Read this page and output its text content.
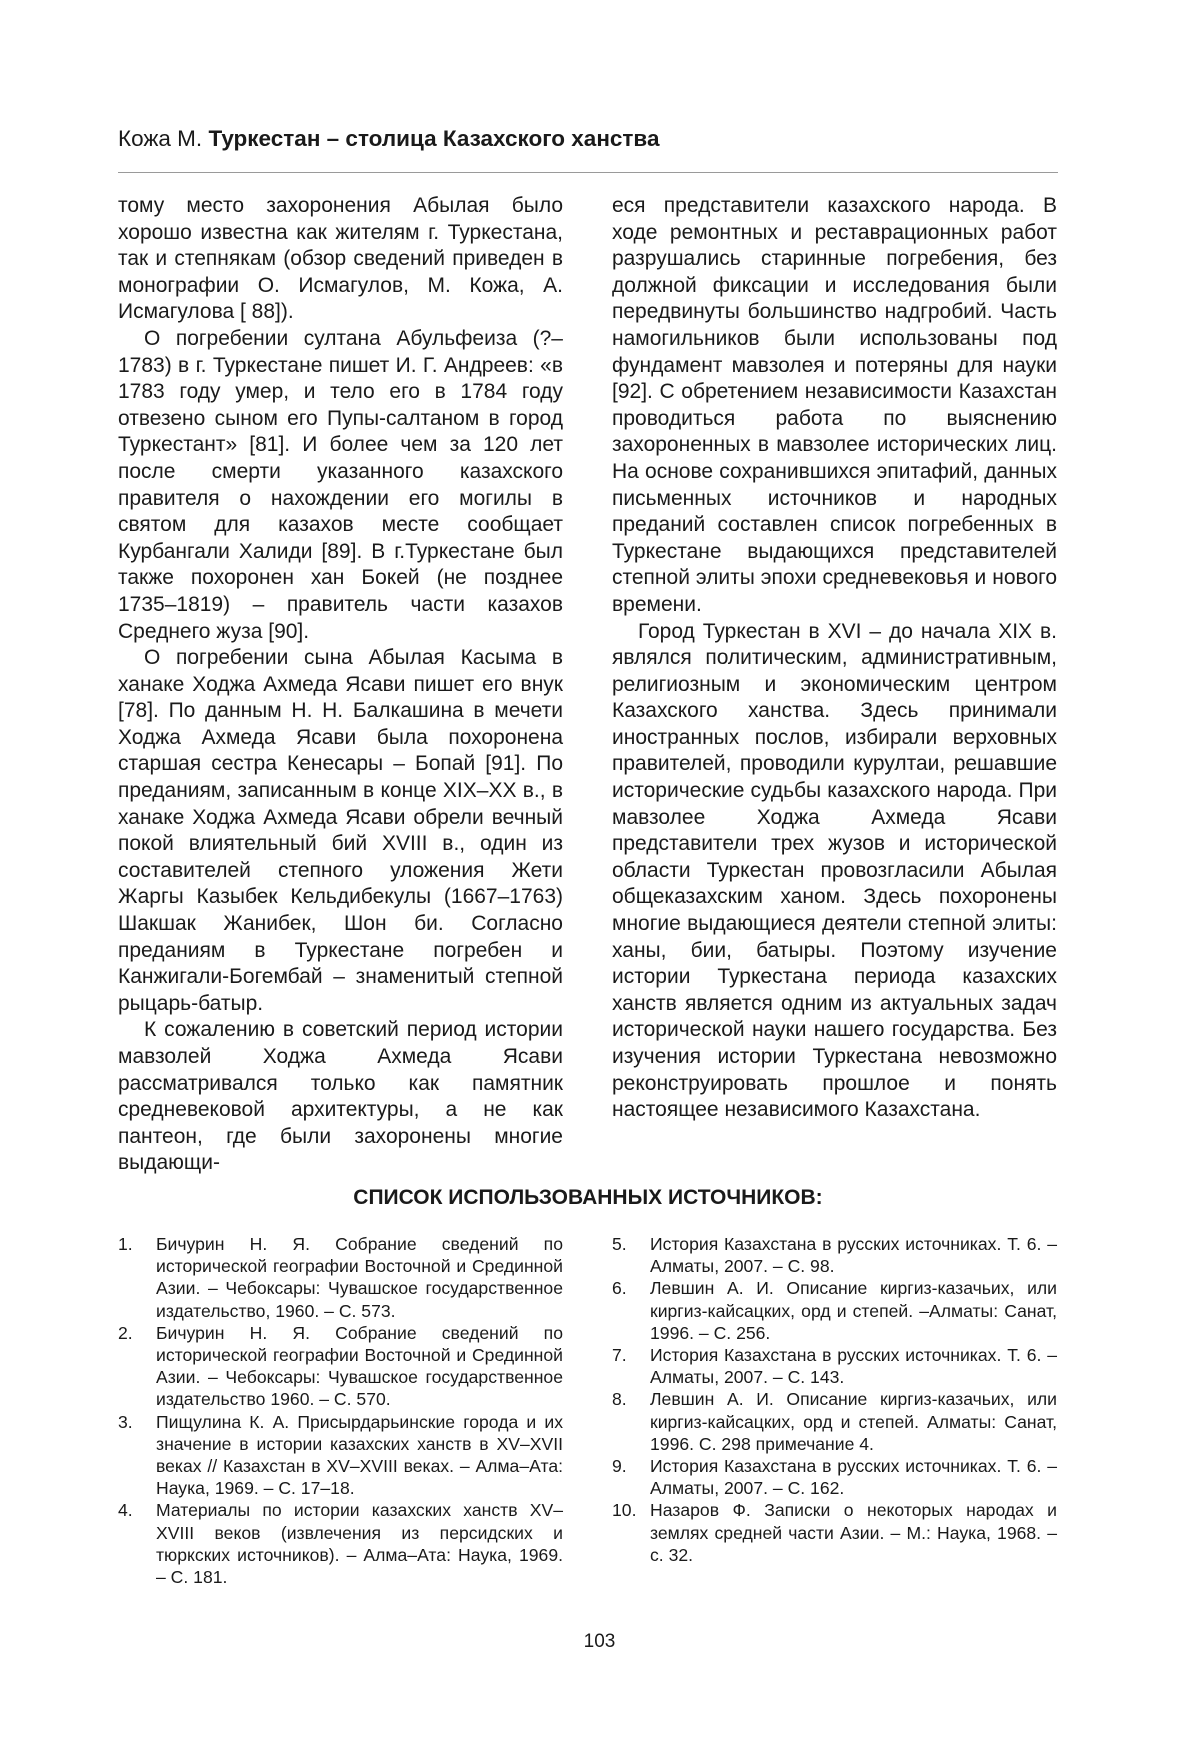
Кожа М. Туркестан – столица Казахского ханства

тому место захоронения Абылая было хорошо известна как жителям г. Туркестана, так и степнякам (обзор сведений приведен в монографии О. Исмагулов, М. Кожа, А. Исмагулова [ 88]).

О погребении султана Абульфеиза (?–1783) в г. Туркестане пишет И. Г. Андреев: «в 1783 году умер, и тело его в 1784 году отвезено сыном его Пупы-салтаном в город Туркестант» [81]. И более чем за 120 лет после смерти указанного казахского правителя о нахождении его могилы в святом для казахов месте сообщает Курбангали Халиди [89]. В г.Туркестане был также похоронен хан Бокей (не позднее 1735–1819) – правитель части казахов Среднего жуза [90].

О погребении сына Абылая Касыма в ханаке Ходжа Ахмеда Ясави пишет его внук [78]. По данным Н. Н. Балкашина в мечети Ходжа Ахмеда Ясави была похоронена старшая сестра Кенесары – Бопай [91]. По преданиям, записанным в конце XIX–XX в., в ханаке Ходжа Ахмеда Ясави обрели вечный покой влиятельный бий XVIII в., один из составителей степного уложения Жети Жаргы Казыбек Кельдибекулы (1667–1763) Шакшак Жанибек, Шон би. Согласно преданиям в Туркестане погребен и Канжигали-Богембай – знаменитый степной рыцарь-батыр.

К сожалению в советский период истории мавзолей Ходжа Ахмеда Ясави рассматривался только как памятник средневековой архитектуры, а не как пантеон, где были захоронены многие выдающи-

еся представители казахского народа. В ходе ремонтных и реставрационных работ разрушались старинные погребения, без должной фиксации и исследования были передвинуты большинство надгробий. Часть намогильников были использованы под фундамент мавзолея и потеряны для науки [92]. С обретением независимости Казахстан проводиться работа по выяснению захороненных в мавзолее исторических лиц. На основе сохранившихся эпитафий, данных письменных источников и народных преданий составлен список погребенных в Туркестане выдающихся представителей степной элиты эпохи средневековья и нового времени.

Город Туркестан в XVI – до начала XIX в. являлся политическим, административным, религиозным и экономическим центром Казахского ханства. Здесь принимали иностранных послов, избирали верховных правителей, проводили курултаи, решавшие исторические судьбы казахского народа. При мавзолее Ходжа Ахмеда Ясави представители трех жузов и исторической области Туркестан провозгласили Абылая общеказахским ханом. Здесь похоронены многие выдающиеся деятели степной элиты: ханы, бии, батыры. Поэтому изучение истории Туркестана периода казахских ханств является одним из актуальных задач исторической науки нашего государства. Без изучения истории Туркестана невозможно реконструировать прошлое и понять настоящее независимого Казахстана.

СПИСОК ИСПОЛЬЗОВАННЫХ ИСТОЧНИКОВ:
1.	Бичурин Н. Я. Собрание сведений по исторической географии Восточной и Срединной Азии. – Чебоксары: Чувашское государственное издательство, 1960. – С. 573.
2.	Бичурин Н. Я. Собрание сведений по исторической географии Восточной и Срединной Азии. – Чебоксары: Чувашское государственное издательство 1960. – С. 570.
3.	Пищулина К. А. Присырдарьинские города и их значение в истории казахских ханств в XV–XVII веках // Казахстан в XV–XVIII веках. – Алма–Ата: Наука, 1969. – С. 17–18.
4.	Материалы по истории казахских ханств XV–XVIII веков (извлечения из персидских и тюркских источников). – Алма–Ата: Наука, 1969. – С. 181.
5.	История Казахстана в русских источниках. Т. 6. – Алматы, 2007. – С. 98.
6.	Левшин А. И. Описание киргиз-казачьих, или киргиз-кайсацких, орд и степей. –Алматы: Санат, 1996. – С. 256.
7.	История Казахстана в русских источниках. Т. 6. – Алматы, 2007. – С. 143.
8.	Левшин А. И. Описание киргиз-казачьих, или киргиз-кайсацких, орд и степей. Алматы: Санат, 1996. С. 298 примечание 4.
9.	История Казахстана в русских источниках. Т. 6. – Алматы, 2007. – С. 162.
10. Назаров Ф. Записки о некоторых народах и землях средней части Азии. – М.: Наука, 1968. – с. 32.
103
